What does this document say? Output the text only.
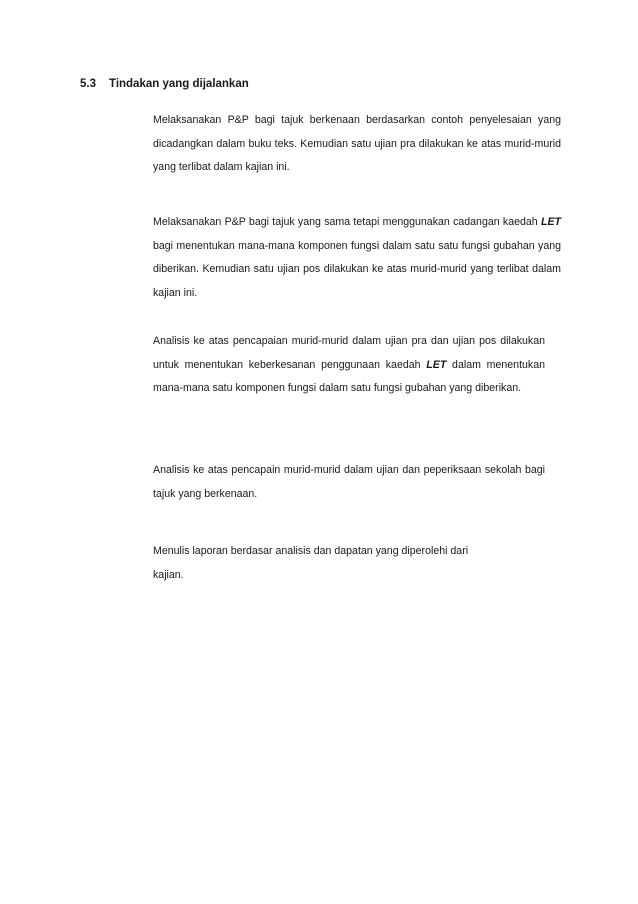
5.3 Tindakan yang dijalankan

Melaksanakan P&P bagi tajuk berkenaan berdasarkan contoh penyelesaian yang dicadangkan dalam buku teks. Kemudian satu ujian pra dilakukan ke atas murid-murid yang terlibat dalam kajian ini.

Melaksanakan P&P bagi tajuk yang sama tetapi menggunakan cadangan kaedah LET bagi menentukan mana-mana komponen fungsi dalam satu satu fungsi gubahan yang diberikan. Kemudian satu ujian pos dilakukan ke atas murid-murid yang terlibat dalam kajian ini.

Analisis ke atas pencapaian murid-murid dalam ujian pra dan ujian pos dilakukan untuk menentukan keberkesanan penggunaan kaedah LET dalam menentukan mana-mana satu komponen fungsi dalam satu fungsi gubahan yang diberikan.

Analisis ke atas pencapain murid-murid dalam ujian dan peperiksaan sekolah bagi tajuk yang berkenaan.

Menulis laporan berdasar analisis dan dapatan yang diperolehi dari
kajian.
